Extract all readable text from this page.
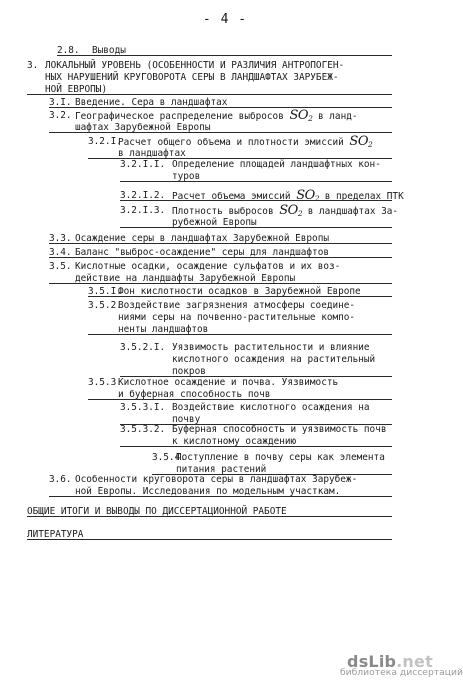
- 4 -
2.8. Выводы
3. ЛОКАЛЬНЫЙ УРОВЕНЬ (ОСОБЕННОСТИ И РАЗЛИЧИЯ АНТРОПОГЕН-
НЫХ НАРУШЕНИЙ КРУГОВОРОТА СЕРЫ В ЛАНДШАФТАХ ЗАРУБЕЖ-
НОЙ ЕВРОПЫ)
3.I. Введение. Сера в ландшафтах
3.2. Географическое распределение выбросов $SO_2$ в ланд-
шафтах Зарубежной Европы
3.2.I.
Расчет общего объема и плотности эмиссий $SO_2$
в ландшафтах
3.2.I.I. Определение площадей ландшафтных кон-
туров
3.2.I.2. Расчет объема эмиссий $SO_2$ в пределах ПТК
3.2.I.3. Плотность выбросов $SO_2$ в ландшафтах За-
рубежной Европы
3.3. Осаждение серы в ландшафтах Зарубежной Европы
3.4. Баланс "выброс-осаждение" серы для ландшафтов
3.5. Кислотные осадки, осаждение сульфатов и их воз-
действие на ландшафты Зарубежной Европы
3.5.I.
Фон кислотности осадков в Зарубежной Европе
3.5.2.
Воздействие загрязнения атмосферы соедине-
ниями серы на почвенно-растительные компо-
ненты ландшафтов
3.5.2.I. Уязвимость растительности и влияние
кислотного осаждения на растительный
покров
3.5.3.
Кислотное осаждение и почва. Уязвимость
и буферная способность почв
3.5.3.I. Воздействие кислотного осаждения на
почву
3.5.3.2. Буферная способность и уязвимость почв
к кислотному осаждению
3.5.4.
Поступление в почву серы как элемента
питания растений
3.6. Особенности круговорота серы в ландшафтах Зарубеж-
ной Европы. Исследования по модельным участкам.
ОБЩИЕ ИТОГИ И ВЫВОДЫ ПО ДИССЕРТАЦИОННОЙ РАБОТЕ
ЛИТЕРАТУРА
dsLib.net
библиотека диссертаций
